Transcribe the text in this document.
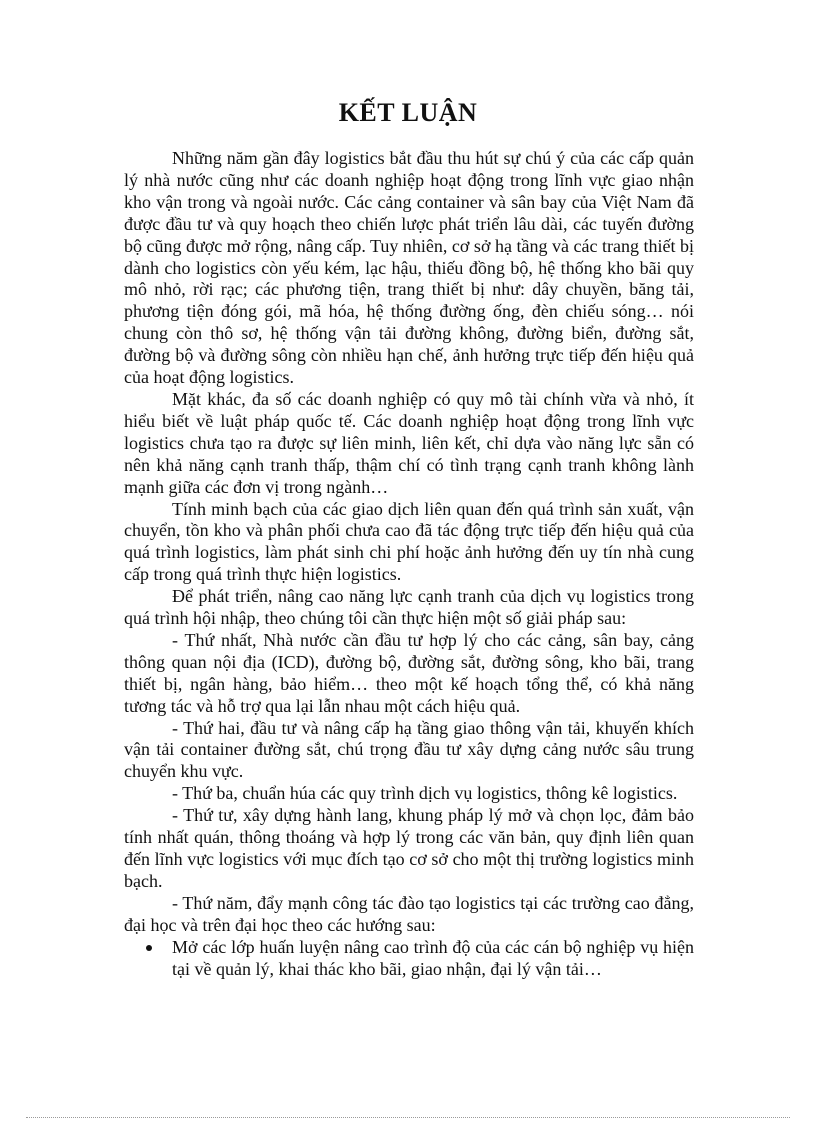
KẾT LUẬN

Những năm gần đây logistics bắt đầu thu hút sự chú ý của các cấp quản lý nhà nước cũng như các doanh nghiệp hoạt động trong lĩnh vực giao nhận kho vận trong và ngoài nước. Các cảng container và sân bay của Việt Nam đã được đầu tư và quy hoạch theo chiến lược phát triển lâu dài, các tuyến đường bộ cũng được mở rộng, nâng cấp. Tuy nhiên, cơ sở hạ tầng và các trang thiết bị dành cho logistics còn yếu kém, lạc hậu, thiếu đồng bộ, hệ thống kho bãi quy mô nhỏ, rời rạc; các phương tiện, trang thiết bị như: dây chuyền, băng tải, phương tiện đóng gói, mã hóa, hệ thống đường ống, đèn chiếu sóng… nói chung còn thô sơ, hệ thống vận tải đường không, đường biển, đường sắt, đường bộ và đường sông còn nhiều hạn chế, ảnh hưởng trực tiếp đến hiệu quả của hoạt động logistics.

Mặt khác, đa số các doanh nghiệp có quy mô tài chính vừa và nhỏ, ít hiểu biết về luật pháp quốc tế. Các doanh nghiệp hoạt động trong lĩnh vực logistics chưa tạo ra được sự liên minh, liên kết, chỉ dựa vào năng lực sẵn có nên khả năng cạnh tranh thấp, thậm chí có tình trạng cạnh tranh không lành mạnh giữa các đơn vị trong ngành…

Tính minh bạch của các giao dịch liên quan đến quá trình sản xuất, vận chuyển, tồn kho và phân phối chưa cao đã tác động trực tiếp đến hiệu quả của quá trình logistics, làm phát sinh chi phí hoặc ảnh hưởng đến uy tín nhà cung cấp trong quá trình thực hiện logistics.

Để phát triển, nâng cao năng lực cạnh tranh của dịch vụ logistics trong quá trình hội nhập, theo chúng tôi cần thực hiện một số giải pháp sau:

- Thứ nhất, Nhà nước cần đầu tư hợp lý cho các cảng, sân bay, cảng thông quan nội địa (ICD), đường bộ, đường sắt, đường sông, kho bãi, trang thiết bị, ngân hàng, bảo hiểm… theo một kế hoạch tổng thể, có khả năng tương tác và hỗ trợ qua lại lẫn nhau một cách hiệu quả.

- Thứ hai, đầu tư và nâng cấp hạ tầng giao thông vận tải, khuyến khích vận tải container đường sắt, chú trọng đầu tư xây dựng cảng nước sâu trung chuyển khu vực.

- Thứ ba, chuẩn húa các quy trình dịch vụ logistics, thông kê logistics.

- Thứ tư, xây dựng hành lang, khung pháp lý mở và chọn lọc, đảm bảo tính nhất quán, thông thoáng và hợp lý trong các văn bản, quy định liên quan đến lĩnh vực logistics với mục đích tạo cơ sở cho một thị trường logistics minh bạch.

- Thứ năm, đẩy mạnh công tác đào tạo logistics tại các trường cao đẳng, đại học và trên đại học theo các hướng sau:

Mở các lớp huấn luyện nâng cao trình độ của các cán bộ nghiệp vụ hiện tại về quản lý, khai thác kho bãi, giao nhận, đại lý vận tải…
